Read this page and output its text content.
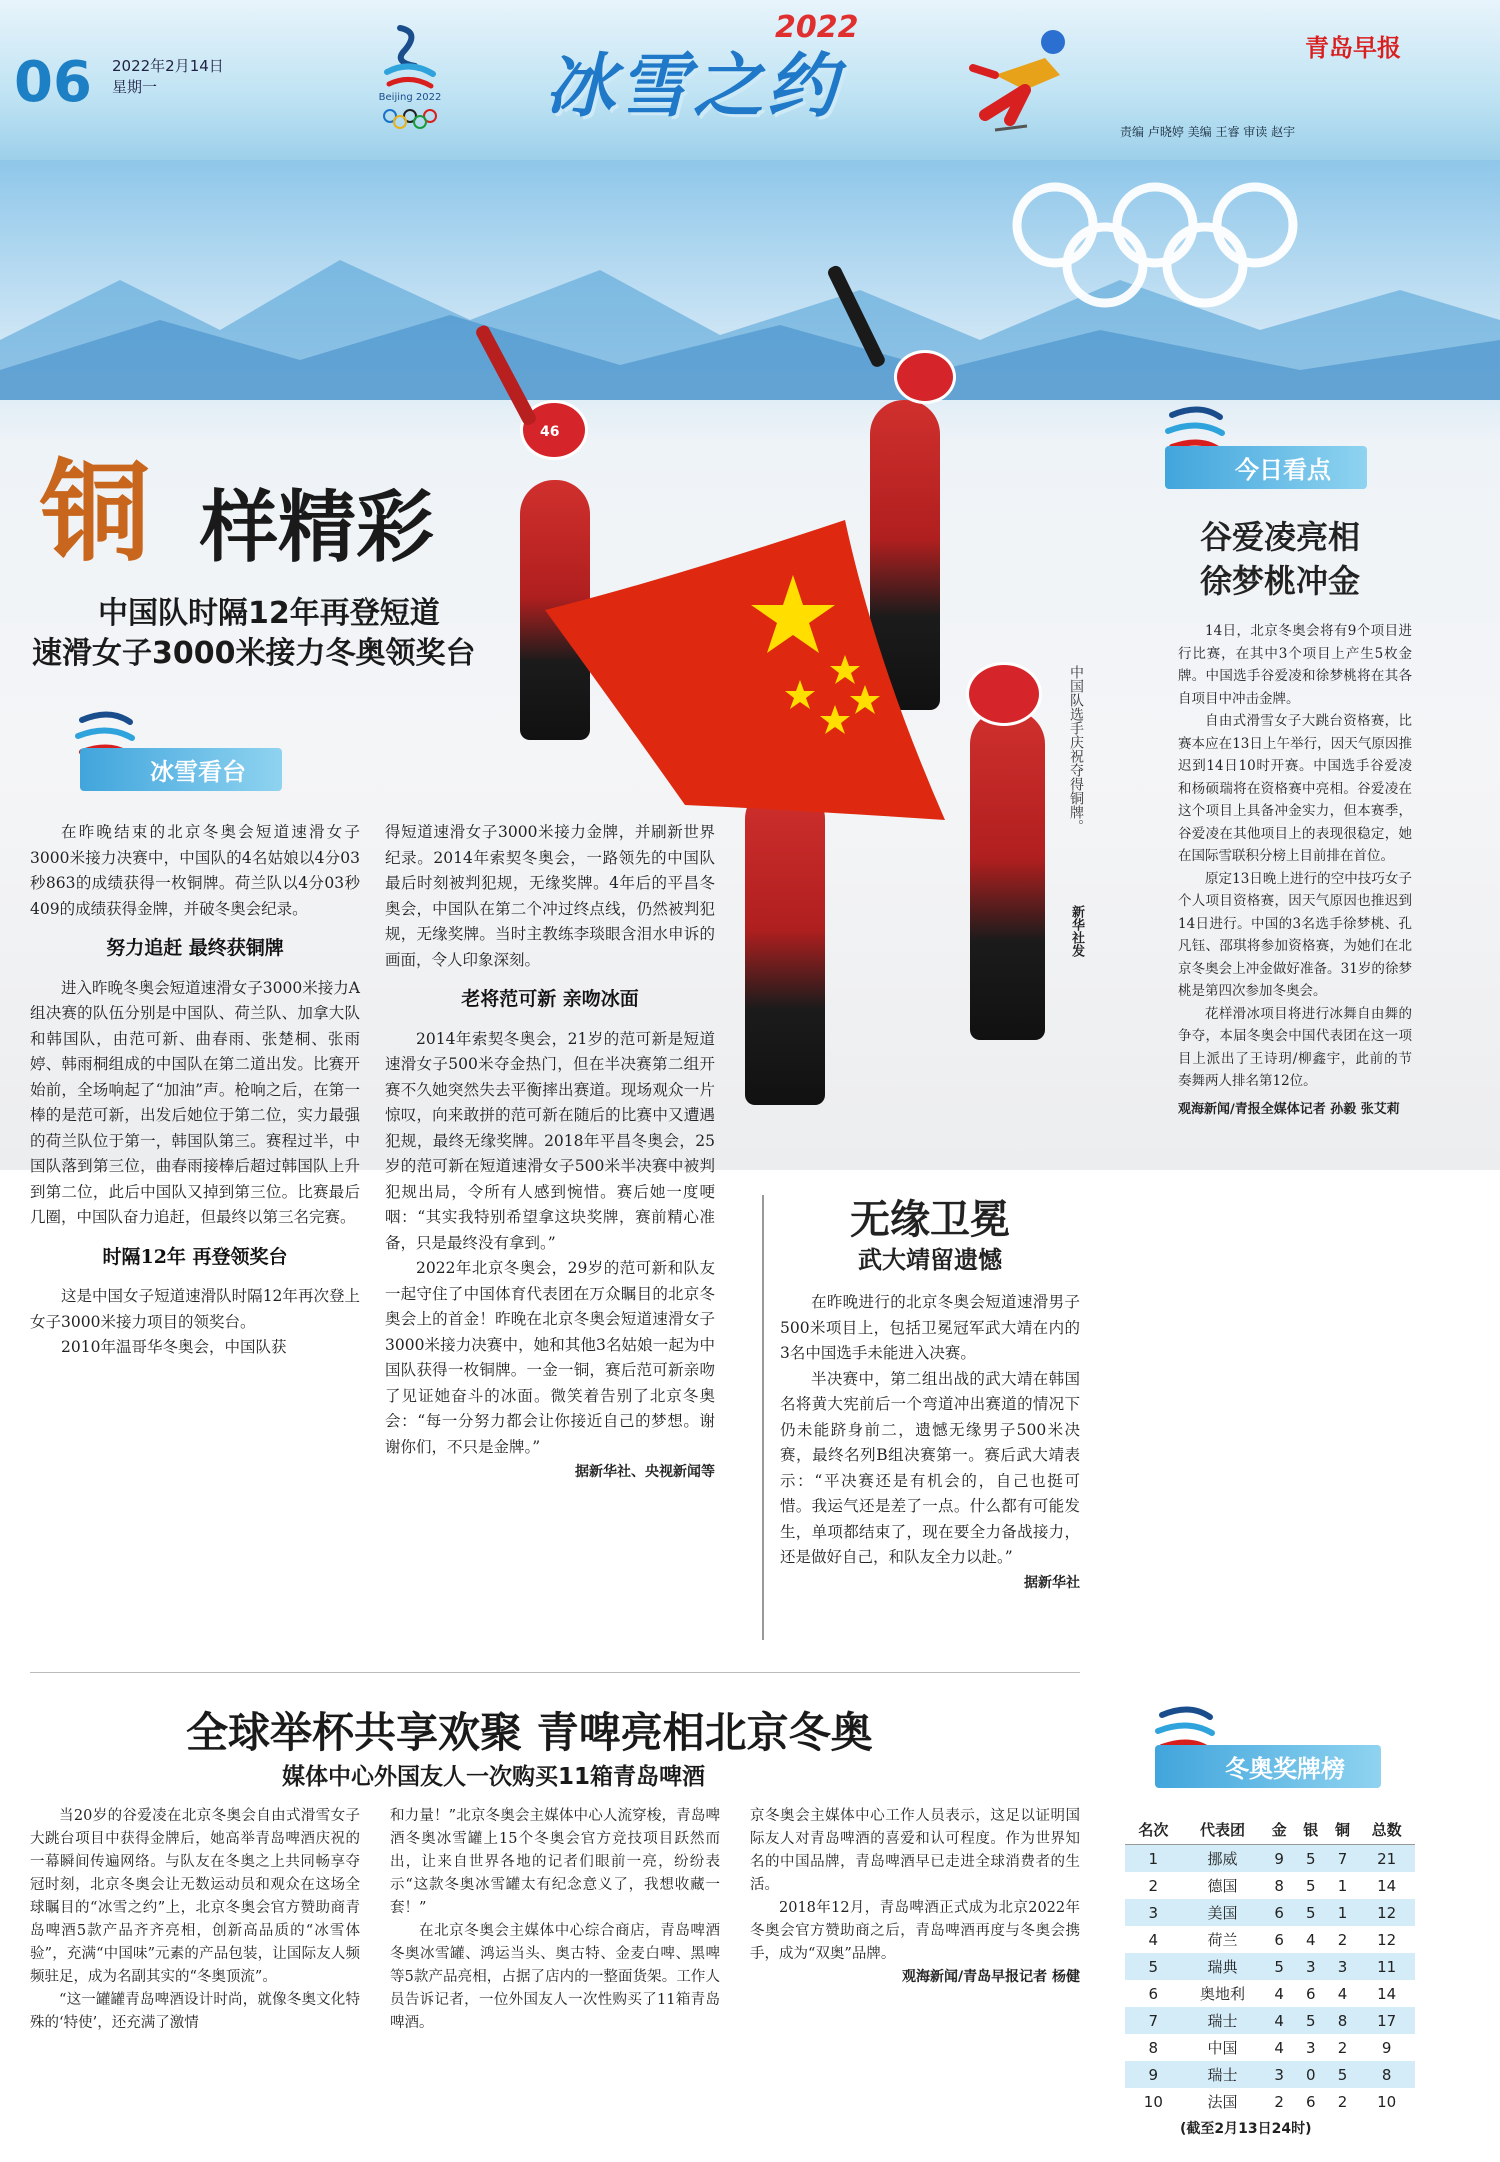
06 2022年2月14日
星期一
Beijing 2022
2022
冰雪之约	青岛早报
责编 卢晓婷 美编 王睿 审读 赵宇
46
铜 样精彩
中国队时隔12年再登短道
速滑女子3000米接力冬奥领奖台
冰雪看台
今日看点
中国队选手庆祝夺得铜牌。
新华社发
谷爱凌亮相
徐梦桃冲金

14日，北京冬奥会将有9个项目进行比赛，在其中3个项目上产生5枚金牌。中国选手谷爱凌和徐梦桃将在其各自项目中冲击金牌。

自由式滑雪女子大跳台资格赛，比赛本应在13日上午举行，因天气原因推迟到14日10时开赛。中国选手谷爱凌和杨硕瑞将在资格赛中亮相。谷爱凌在这个项目上具备冲金实力，但本赛季，谷爱凌在其他项目上的表现很稳定，她在国际雪联积分榜上目前排在首位。

原定13日晚上进行的空中技巧女子个人项目资格赛，因天气原因也推迟到14日进行。中国的3名选手徐梦桃、孔凡钰、邵琪将参加资格赛，为她们在北京冬奥会上冲金做好准备。31岁的徐梦桃是第四次参加冬奥会。

花样滑冰项目将进行冰舞自由舞的争夺，本届冬奥会中国代表团在这一项目上派出了王诗玥/柳鑫宇，此前的节奏舞两人排名第12位。

观海新闻/青报全媒体记者 孙毅 张艾莉

在昨晚结束的北京冬奥会短道速滑女子3000米接力决赛中，中国队的4名姑娘以4分03秒863的成绩获得一枚铜牌。荷兰队以4分03秒409的成绩获得金牌，并破冬奥会纪录。

努力追赶 最终获铜牌

进入昨晚冬奥会短道速滑女子3000米接力A组决赛的队伍分别是中国队、荷兰队、加拿大队和韩国队，由范可新、曲春雨、张楚桐、张雨婷、韩雨桐组成的中国队在第二道出发。比赛开始前，全场响起了“加油”声。枪响之后，在第一棒的是范可新，出发后她位于第二位，实力最强的荷兰队位于第一，韩国队第三。赛程过半，中国队落到第三位，曲春雨接棒后超过韩国队上升到第二位，此后中国队又掉到第三位。比赛最后几圈，中国队奋力追赶，但最终以第三名完赛。

时隔12年 再登领奖台

这是中国女子短道速滑队时隔12年再次登上女子3000米接力项目的领奖台。

2010年温哥华冬奥会，中国队获

得短道速滑女子3000米接力金牌，并刷新世界纪录。2014年索契冬奥会，一路领先的中国队最后时刻被判犯规，无缘奖牌。4年后的平昌冬奥会，中国队在第二个冲过终点线，仍然被判犯规，无缘奖牌。当时主教练李琰眼含泪水申诉的画面，令人印象深刻。

老将范可新 亲吻冰面

2014年索契冬奥会，21岁的范可新是短道速滑女子500米夺金热门，但在半决赛第二组开赛不久她突然失去平衡摔出赛道。现场观众一片惊叹，向来敢拼的范可新在随后的比赛中又遭遇犯规，最终无缘奖牌。2018年平昌冬奥会，25岁的范可新在短道速滑女子500米半决赛中被判犯规出局，令所有人感到惋惜。赛后她一度哽咽：“其实我特别希望拿这块奖牌，赛前精心准备，只是最终没有拿到。”

2022年北京冬奥会，29岁的范可新和队友一起守住了中国体育代表团在万众瞩目的北京冬奥会上的首金！昨晚在北京冬奥会短道速滑女子3000米接力决赛中，她和其他3名姑娘一起为中国队获得一枚铜牌。一金一铜，赛后范可新亲吻了见证她奋斗的冰面。微笑着告别了北京冬奥会：“每一分努力都会让你接近自己的梦想。谢谢你们，不只是金牌。”

据新华社、央视新闻等
无缘卫冕
武大靖留遗憾

在昨晚进行的北京冬奥会短道速滑男子500米项目上，包括卫冕冠军武大靖在内的3名中国选手未能进入决赛。

半决赛中，第二组出战的武大靖在韩国名将黄大宪前后一个弯道冲出赛道的情况下仍未能跻身前二，遗憾无缘男子500米决赛，最终名列B组决赛第一。赛后武大靖表示：“平决赛还是有机会的，自己也挺可惜。我运气还是差了一点。什么都有可能发生，单项都结束了，现在要全力备战接力，还是做好自己，和队友全力以赴。”

据新华社
全球举杯共享欢聚 青啤亮相北京冬奥
媒体中心外国友人一次购买11箱青岛啤酒

当20岁的谷爱凌在北京冬奥会自由式滑雪女子大跳台项目中获得金牌后，她高举青岛啤酒庆祝的一幕瞬间传遍网络。与队友在冬奥之上共同畅享夺冠时刻，北京冬奥会让无数运动员和观众在这场全球瞩目的“冰雪之约”上，北京冬奥会官方赞助商青岛啤酒5款产品齐齐亮相，创新高品质的“冰雪体验”，充满“中国味”元素的产品包装，让国际友人频频驻足，成为名副其实的“冬奥顶流”。

“这一罐罐青岛啤酒设计时尚，就像冬奥文化特殊的‘特使’，还充满了激情

和力量！”北京冬奥会主媒体中心人流穿梭，青岛啤酒冬奥冰雪罐上15个冬奥会官方竞技项目跃然而出，让来自世界各地的记者们眼前一亮，纷纷表示“这款冬奥冰雪罐太有纪念意义了，我想收藏一套！”

在北京冬奥会主媒体中心综合商店，青岛啤酒冬奥冰雪罐、鸿运当头、奥古特、金麦白啤、黑啤等5款产品亮相，占据了店内的一整面货架。工作人员告诉记者，一位外国友人一次性购买了11箱青岛啤酒。

京冬奥会主媒体中心工作人员表示，这足以证明国际友人对青岛啤酒的喜爱和认可程度。作为世界知名的中国品牌，青岛啤酒早已走进全球消费者的生活。

2018年12月，青岛啤酒正式成为北京2022年冬奥会官方赞助商之后，青岛啤酒再度与冬奥会携手，成为“双奥”品牌。

观海新闻/青岛早报记者 杨健
冬奥奖牌榜
名次	代表团	金	银	铜	总数
1	挪威	9	5	7	21
2	德国	8	5	1	14
3	美国	6	5	1	12
4	荷兰	6	4	2	12
5	瑞典	5	3	3	11
6	奥地利	4	6	4	14
7	瑞士	4	5	8	17
8	中国	4	3	2	9
9	瑞士	3	0	5	8
10	法国	2	6	2	10
(截至2月13日24时)
